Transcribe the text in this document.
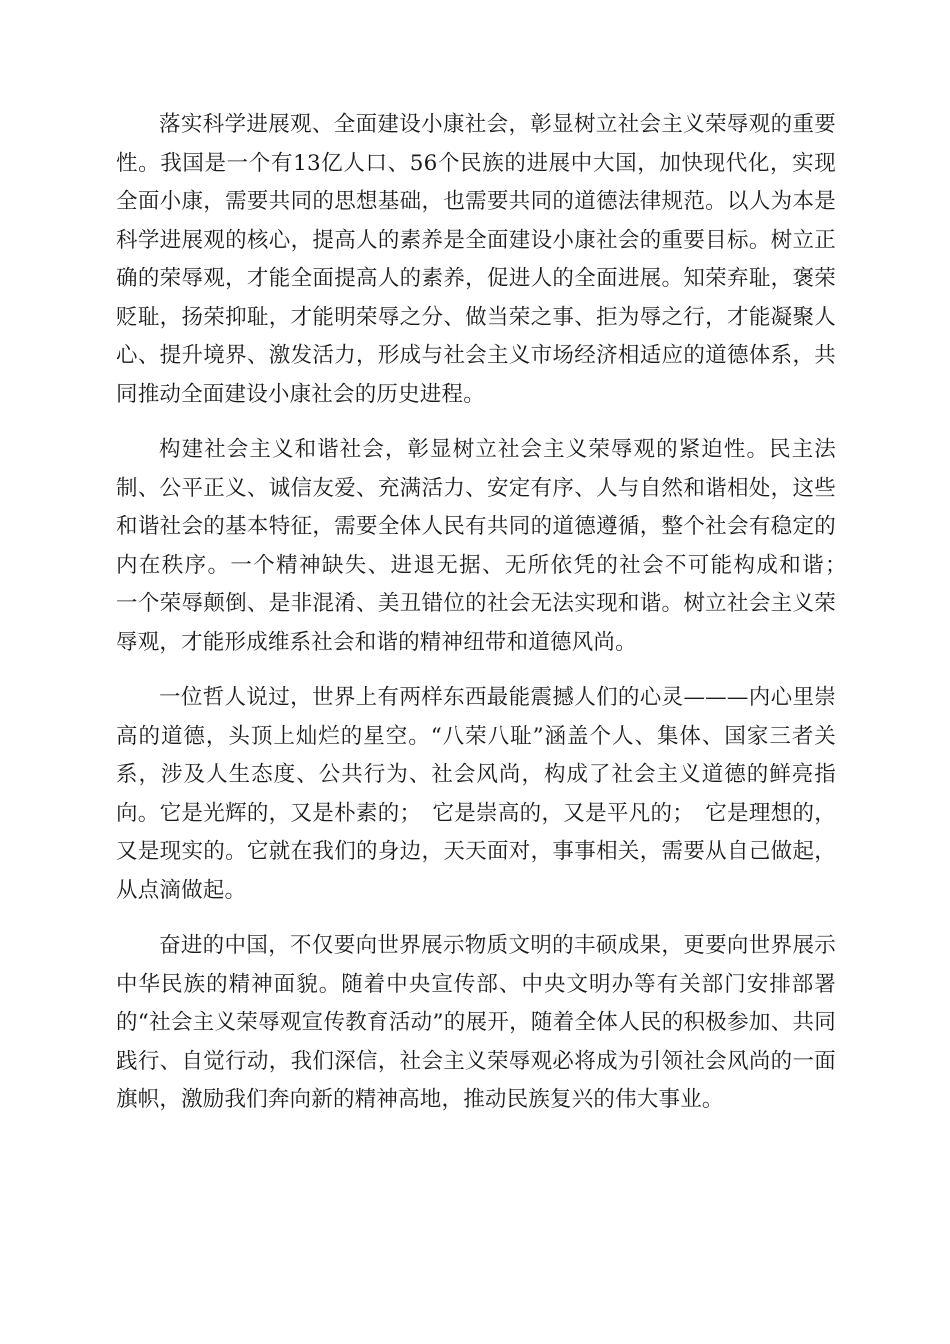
落实科学进展观、全面建设小康社会，彰显树立社会主义荣辱观的重要性。我国是一个有13亿人口、56个民族的进展中大国，加快现代化，实现全面小康，需要共同的思想基础，也需要共同的道德法律规范。以人为本是科学进展观的核心，提高人的素养是全面建设小康社会的重要目标。树立正确的荣辱观，才能全面提高人的素养，促进人的全面进展。知荣弃耻，褒荣贬耻，扬荣抑耻，才能明荣辱之分、做当荣之事、拒为辱之行，才能凝聚人心、提升境界、激发活力，形成与社会主义市场经济相适应的道德体系，共同推动全面建设小康社会的历史进程。

构建社会主义和谐社会，彰显树立社会主义荣辱观的紧迫性。民主法制、公平正义、诚信友爱、充满活力、安定有序、人与自然和谐相处，这些和谐社会的基本特征，需要全体人民有共同的道德遵循，整个社会有稳定的内在秩序。一个精神缺失、进退无据、无所依凭的社会不可能构成和谐；　一个荣辱颠倒、是非混淆、美丑错位的社会无法实现和谐。树立社会主义荣辱观，才能形成维系社会和谐的精神纽带和道德风尚。

一位哲人说过，世界上有两样东西最能震撼人们的心灵———内心里崇高的道德，头顶上灿烂的星空。“八荣八耻”涵盖个人、集体、国家三者关系，涉及人生态度、公共行为、社会风尚，构成了社会主义道德的鲜亮指向。它是光辉的，又是朴素的；　它是崇高的，又是平凡的；　它是理想的，又是现实的。它就在我们的身边，天天面对，事事相关，需要从自己做起，从点滴做起。

奋进的中国，不仅要向世界展示物质文明的丰硕成果，更要向世界展示中华民族的精神面貌。随着中央宣传部、中央文明办等有关部门安排部署的“社会主义荣辱观宣传教育活动”的展开，随着全体人民的积极参加、共同践行、自觉行动，我们深信，社会主义荣辱观必将成为引领社会风尚的一面旗帜，激励我们奔向新的精神高地，推动民族复兴的伟大事业。
